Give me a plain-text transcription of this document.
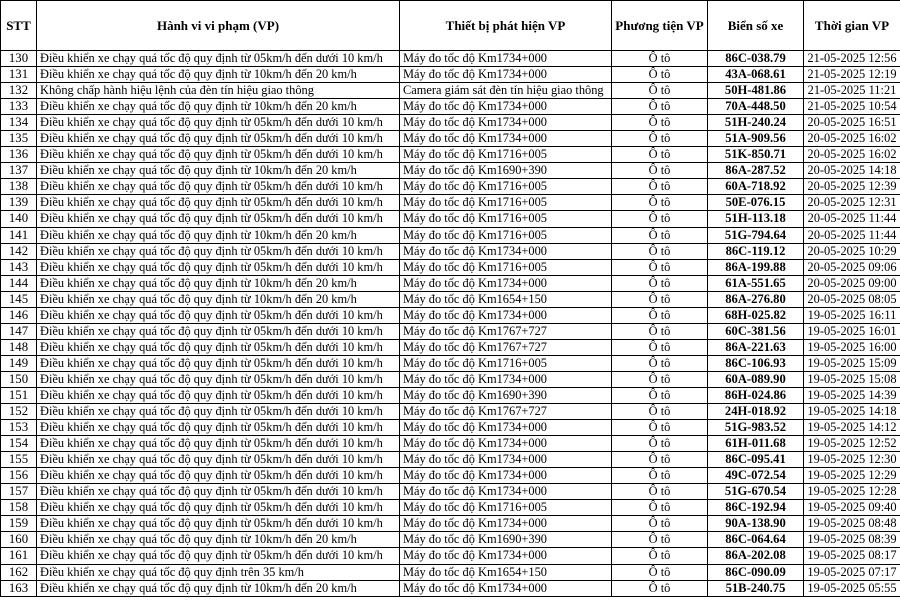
STT	Hành vi vi phạm (VP)	Thiết bị phát hiện VP	Phương tiện VP	Biển số xe	Thời gian VP
130	Điều khiển xe chạy quá tốc độ quy định từ 05km/h đến dưới 10 km/h	Máy đo tốc độ Km1734+000	Ô tô	86C-038.79	21-05-2025 12:56
131	Điều khiển xe chạy quá tốc độ quy định từ 10km/h đến 20 km/h	Máy đo tốc độ Km1734+000	Ô tô	43A-068.61	21-05-2025 12:19
132	Không chấp hành hiệu lệnh của đèn tín hiệu giao thông	Camera giám sát đèn tín hiệu giao thông	Ô tô	50H-481.86	21-05-2025 11:21
133	Điều khiển xe chạy quá tốc độ quy định từ 10km/h đến 20 km/h	Máy đo tốc độ Km1734+000	Ô tô	70A-448.50	21-05-2025 10:54
134	Điều khiển xe chạy quá tốc độ quy định từ 05km/h đến dưới 10 km/h	Máy đo tốc độ Km1734+000	Ô tô	51H-240.24	20-05-2025 16:51
135	Điều khiển xe chạy quá tốc độ quy định từ 05km/h đến dưới 10 km/h	Máy đo tốc độ Km1734+000	Ô tô	51A-909.56	20-05-2025 16:02
136	Điều khiển xe chạy quá tốc độ quy định từ 05km/h đến dưới 10 km/h	Máy đo tốc độ Km1716+005	Ô tô	51K-850.71	20-05-2025 16:02
137	Điều khiển xe chạy quá tốc độ quy định từ 10km/h đến 20 km/h	Máy đo tốc độ Km1690+390	Ô tô	86A-287.52	20-05-2025 14:18
138	Điều khiển xe chạy quá tốc độ quy định từ 05km/h đến dưới 10 km/h	Máy đo tốc độ Km1716+005	Ô tô	60A-718.92	20-05-2025 12:39
139	Điều khiển xe chạy quá tốc độ quy định từ 05km/h đến dưới 10 km/h	Máy đo tốc độ Km1716+005	Ô tô	50E-076.15	20-05-2025 12:31
140	Điều khiển xe chạy quá tốc độ quy định từ 05km/h đến dưới 10 km/h	Máy đo tốc độ Km1716+005	Ô tô	51H-113.18	20-05-2025 11:44
141	Điều khiển xe chạy quá tốc độ quy định từ 10km/h đến 20 km/h	Máy đo tốc độ Km1716+005	Ô tô	51G-794.64	20-05-2025 11:44
142	Điều khiển xe chạy quá tốc độ quy định từ 05km/h đến dưới 10 km/h	Máy đo tốc độ Km1734+000	Ô tô	86C-119.12	20-05-2025 10:29
143	Điều khiển xe chạy quá tốc độ quy định từ 05km/h đến dưới 10 km/h	Máy đo tốc độ Km1716+005	Ô tô	86A-199.88	20-05-2025 09:06
144	Điều khiển xe chạy quá tốc độ quy định từ 10km/h đến 20 km/h	Máy đo tốc độ Km1734+000	Ô tô	61A-551.65	20-05-2025 09:00
145	Điều khiển xe chạy quá tốc độ quy định từ 10km/h đến 20 km/h	Máy đo tốc độ Km1654+150	Ô tô	86A-276.80	20-05-2025 08:05
146	Điều khiển xe chạy quá tốc độ quy định từ 05km/h đến dưới 10 km/h	Máy đo tốc độ Km1734+000	Ô tô	68H-025.82	19-05-2025 16:11
147	Điều khiển xe chạy quá tốc độ quy định từ 05km/h đến dưới 10 km/h	Máy đo tốc độ Km1767+727	Ô tô	60C-381.56	19-05-2025 16:01
148	Điều khiển xe chạy quá tốc độ quy định từ 05km/h đến dưới 10 km/h	Máy đo tốc độ Km1767+727	Ô tô	86A-221.63	19-05-2025 16:00
149	Điều khiển xe chạy quá tốc độ quy định từ 05km/h đến dưới 10 km/h	Máy đo tốc độ Km1716+005	Ô tô	86C-106.93	19-05-2025 15:09
150	Điều khiển xe chạy quá tốc độ quy định từ 05km/h đến dưới 10 km/h	Máy đo tốc độ Km1734+000	Ô tô	60A-089.90	19-05-2025 15:08
151	Điều khiển xe chạy quá tốc độ quy định từ 05km/h đến dưới 10 km/h	Máy đo tốc độ Km1690+390	Ô tô	86H-024.86	19-05-2025 14:39
152	Điều khiển xe chạy quá tốc độ quy định từ 05km/h đến dưới 10 km/h	Máy đo tốc độ Km1767+727	Ô tô	24H-018.92	19-05-2025 14:18
153	Điều khiển xe chạy quá tốc độ quy định từ 05km/h đến dưới 10 km/h	Máy đo tốc độ Km1734+000	Ô tô	51G-983.52	19-05-2025 14:12
154	Điều khiển xe chạy quá tốc độ quy định từ 05km/h đến dưới 10 km/h	Máy đo tốc độ Km1734+000	Ô tô	61H-011.68	19-05-2025 12:52
155	Điều khiển xe chạy quá tốc độ quy định từ 05km/h đến dưới 10 km/h	Máy đo tốc độ Km1734+000	Ô tô	86C-095.41	19-05-2025 12:30
156	Điều khiển xe chạy quá tốc độ quy định từ 05km/h đến dưới 10 km/h	Máy đo tốc độ Km1734+000	Ô tô	49C-072.54	19-05-2025 12:29
157	Điều khiển xe chạy quá tốc độ quy định từ 05km/h đến dưới 10 km/h	Máy đo tốc độ Km1734+000	Ô tô	51G-670.54	19-05-2025 12:28
158	Điều khiển xe chạy quá tốc độ quy định từ 05km/h đến dưới 10 km/h	Máy đo tốc độ Km1716+005	Ô tô	86C-192.94	19-05-2025 09:40
159	Điều khiển xe chạy quá tốc độ quy định từ 05km/h đến dưới 10 km/h	Máy đo tốc độ Km1734+000	Ô tô	90A-138.90	19-05-2025 08:48
160	Điều khiển xe chạy quá tốc độ quy định từ 10km/h đến 20 km/h	Máy đo tốc độ Km1690+390	Ô tô	86C-064.64	19-05-2025 08:39
161	Điều khiển xe chạy quá tốc độ quy định từ 05km/h đến dưới 10 km/h	Máy đo tốc độ Km1734+000	Ô tô	86A-202.08	19-05-2025 08:17
162	Điều khiển xe chạy quá tốc độ quy định trên 35 km/h	Máy đo tốc độ Km1654+150	Ô tô	86C-090.09	19-05-2025 07:17
163	Điều khiển xe chạy quá tốc độ quy định từ 10km/h đến 20 km/h	Máy đo tốc độ Km1734+000	Ô tô	51B-240.75	19-05-2025 05:55
